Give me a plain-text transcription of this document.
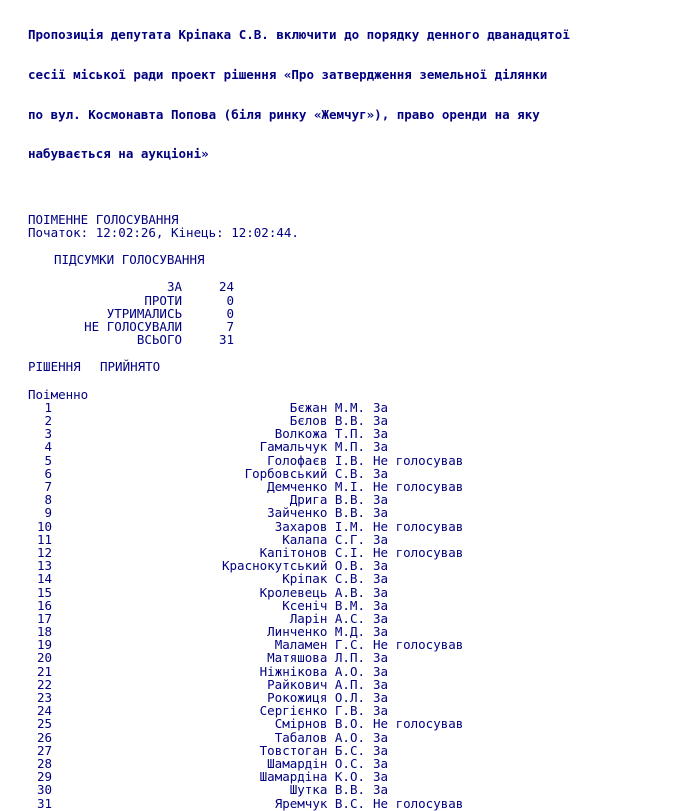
Пропозиція депутата Кріпака С.В. включити до порядку денного дванадцятої

сесії міської ради проект рішення «Про затвердження земельної ділянки

по вул. Космонавта Попова (біля ринку «Жемчуг»), право оренди на яку

набувається на аукціоні»

ПОІМЕННЕ ГОЛОСУВАННЯ
Початок: 12:02:26, Кінець: 12:02:44.
ПІДСУМКИ ГОЛОСУВАННЯ
ЗА	24
ПРОТИ	0
УТРИМАЛИСЬ	0
НЕ ГОЛОСУВАЛИ	7
ВСЬОГО	31
РІШЕННЯ ПРИЙНЯТО
Поіменно
1	Бєжан М.М. За
2	Бєлов В.В. За
3	Волкожа Т.П. За
4	Гамальчук М.П. За
5	Голофаєв І.В. Не голосував
6	Горбовський С.В. За
7	Демченко М.І. Не голосував
8	Дрига В.В. За
9	Зайченко В.В. За
10	Захаров І.М. Не голосував
11	Калапа С.Г. За
12	Капітонов С.І. Не голосував
13	Краснокутський О.В. За
14	Кріпак С.В. За
15	Кролевець А.В. За
16	Ксеніч В.М. За
17	Ларін А.С. За
18	Линченко М.Д. За
19	Маламен Г.С. Не голосував
20	Матяшова Л.П. За
21	Ніжнікова А.О. За
22	Райкович А.П. За
23	Рокожиця О.Л. За
24	Сергієнко Г.В. За
25	Смірнов В.О. Не голосував
26	Табалов А.О. За
27	Товстоган Б.С. За
28	Шамардін О.С. За
29	Шамардіна К.О. За
30	Шутка В.В. За
31	Яремчук В.С. Не голосував
